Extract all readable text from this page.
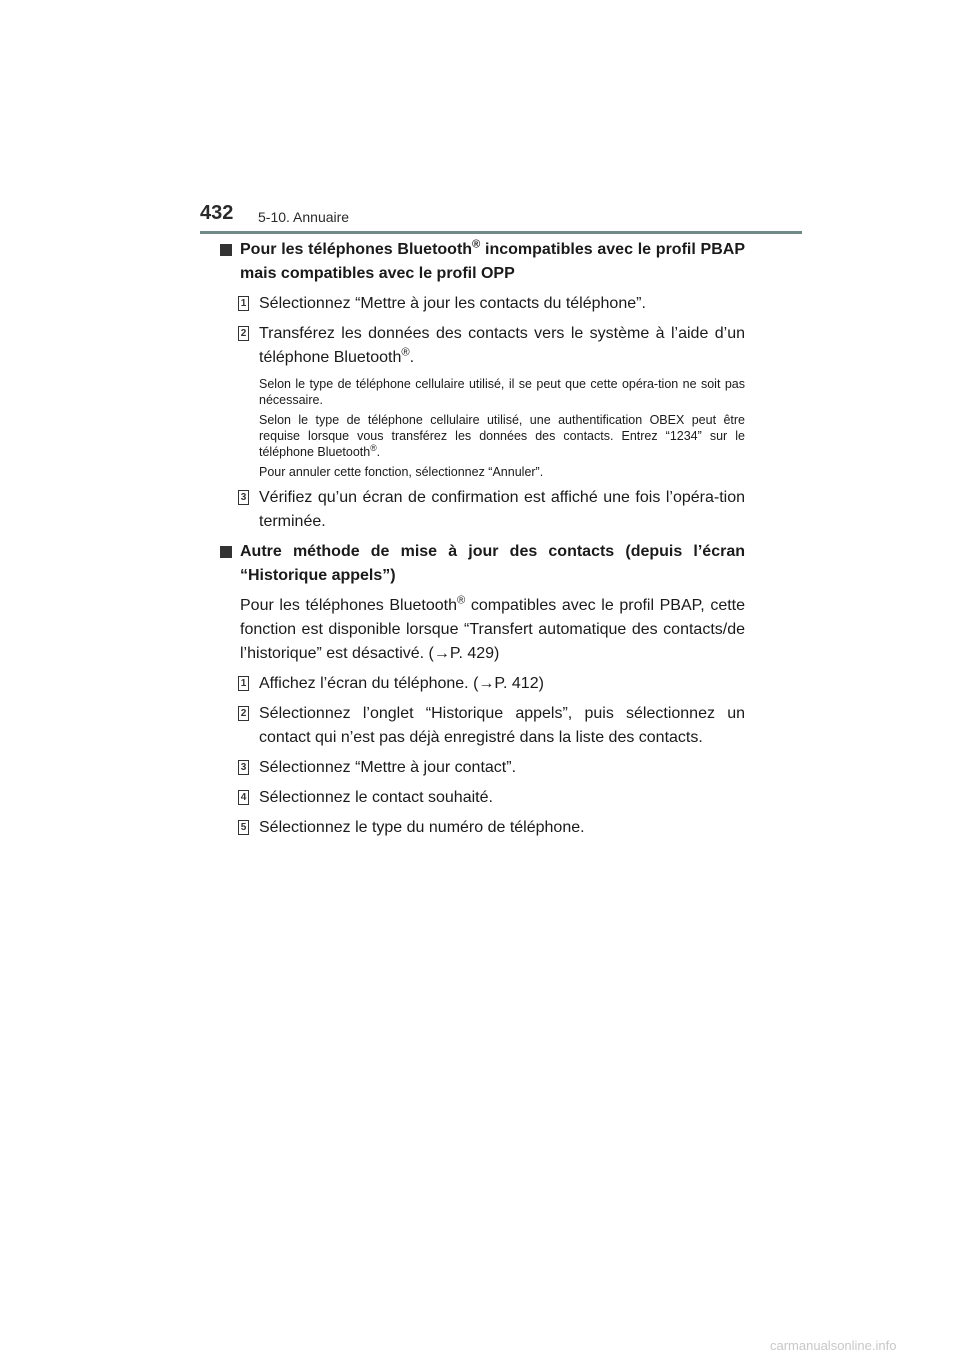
432 5-10. Annuaire
Pour les téléphones Bluetooth® incompatibles avec le profil PBAP mais compatibles avec le profil OPP
1 Sélectionnez “Mettre à jour les contacts du téléphone”.
2 Transférez les données des contacts vers le système à l’aide d’un téléphone Bluetooth®.
Selon le type de téléphone cellulaire utilisé, il se peut que cette opéra-tion ne soit pas nécessaire.
Selon le type de téléphone cellulaire utilisé, une authentification OBEX peut être requise lorsque vous transférez les données des contacts. Entrez “1234” sur le téléphone Bluetooth®.
Pour annuler cette fonction, sélectionnez “Annuler”.
3 Vérifiez qu’un écran de confirmation est affiché une fois l’opéra-tion terminée.
Autre méthode de mise à jour des contacts (depuis l’écran “Historique appels”)
Pour les téléphones Bluetooth® compatibles avec le profil PBAP, cette fonction est disponible lorsque “Transfert automatique des contacts/de l’historique” est désactivé. (→P. 429)
1 Affichez l’écran du téléphone. (→P. 412)
2 Sélectionnez l’onglet “Historique appels”, puis sélectionnez un contact qui n’est pas déjà enregistré dans la liste des contacts.
3 Sélectionnez “Mettre à jour contact”.
4 Sélectionnez le contact souhaité.
5 Sélectionnez le type du numéro de téléphone.
carmanualsonline.info
